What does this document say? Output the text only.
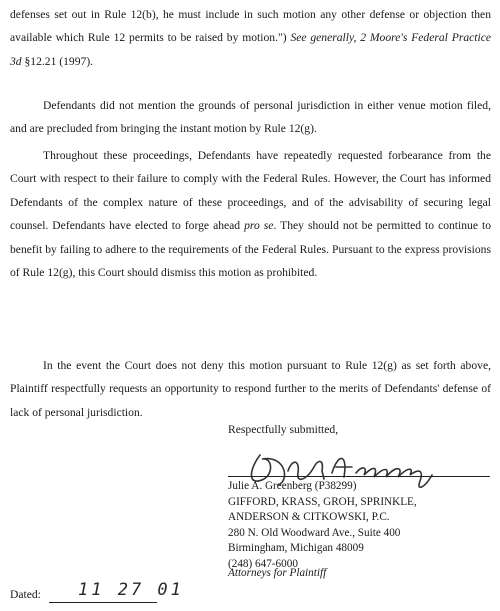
defenses set out in Rule 12(b), he must include in such motion any other defense or objection then available which Rule 12 permits to be raised by motion.") See generally, 2 Moore's Federal Practice 3d §12.21 (1997).

Defendants did not mention the grounds of personal jurisdiction in either venue motion filed, and are precluded from bringing the instant motion by Rule 12(g).

Throughout these proceedings, Defendants have repeatedly requested forbearance from the Court with respect to their failure to comply with the Federal Rules. However, the Court has informed Defendants of the complex nature of these proceedings, and of the advisability of securing legal counsel. Defendants have elected to forge ahead pro se. They should not be permitted to continue to benefit by failing to adhere to the requirements of the Federal Rules. Pursuant to the express provisions of Rule 12(g), this Court should dismiss this motion as prohibited.

In the event the Court does not deny this motion pursuant to Rule 12(g) as set forth above, Plaintiff respectfully requests an opportunity to respond further to the merits of Defendants' defense of lack of personal jurisdiction.

Respectfully submitted,
Julie A. Greenberg (P38299)
GIFFORD, KRASS, GROH, SPRINKLE,
ANDERSON & CITKOWSKI, P.C.
280 N. Old Woodward Ave., Suite 400
Birmingham, Michigan 48009
(248) 647-6000
Attorneys for Plaintiff
Dated: 11 27 01
